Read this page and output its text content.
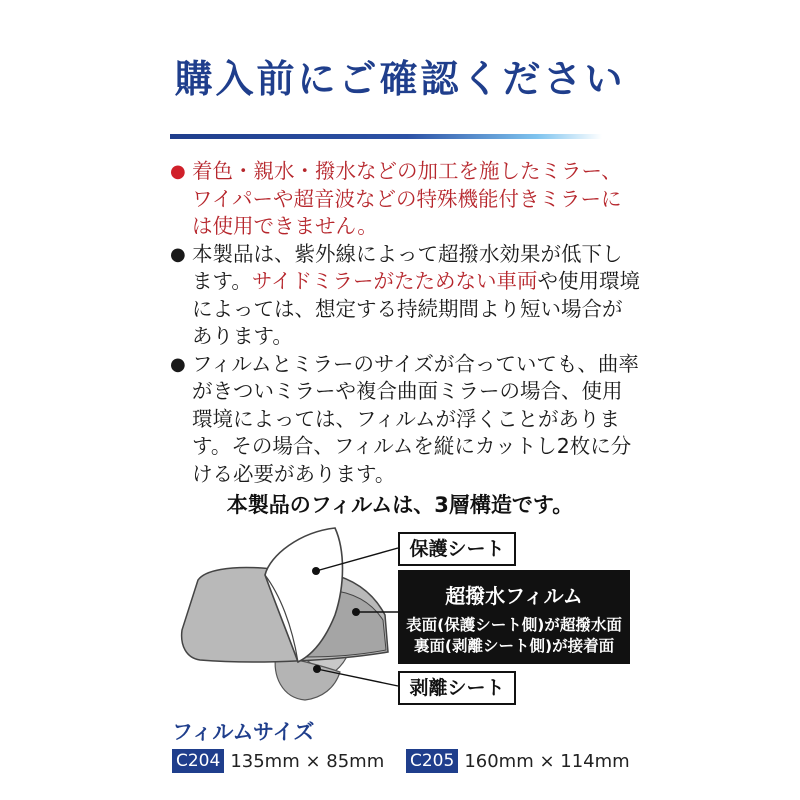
購入前にご確認ください
● 着色・親水・撥水などの加工を施したミラー、ワイパーや超音波などの特殊機能付きミラーには使用できません。
● 本製品は、紫外線によって超撥水効果が低下します。サイドミラーがたためない車両や使用環境によっては、想定する持続期間より短い場合があります。
● フィルムとミラーのサイズが合っていても、曲率がきついミラーや複合曲面ミラーの場合、使用環境によっては、フィルムが浮くことがあります。その場合、フィルムを縦にカットし2枚に分ける必要があります。
本製品のフィルムは、3層構造です。
保護シート
超撥水フィルム
表面(保護シート側)が超撥水面
裏面(剥離シート側)が接着面
剥離シート
フィルムサイズ
C204 135mm × 85mm C205 160mm × 114mm
